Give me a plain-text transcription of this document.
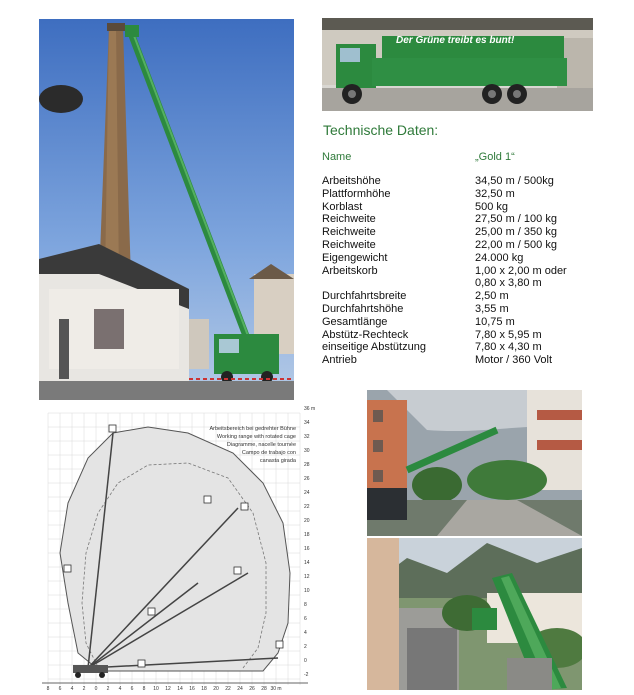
Der Grüne treibt es bunt!
Technische Daten:
Name	„Gold 1“
Arbeitshöhe	34,50 m / 500kg
Plattformhöhe	32,50 m
Korblast	500 kg
Reichweite	27,50 m / 100 kg
Reichweite	25,00 m / 350 kg
Reichweite	22,00 m / 500 kg
Eigengewicht	24.000 kg
Arbeitskorb	1,00 x 2,00 m oder
0,80 x 3,80 m
Durchfahrtsbreite	2,50 m
Durchfahrtshöhe	3,55 m
Gesamtlänge	10,75 m
Abstütz-Rechteck	7,80 x 5,95 m
einseitige Abstützung	7,80 x 4,30 m
Antrieb	Motor / 360 Volt
36 m
34
32
30
28
26
24
22
20
18
16
14
12
10
8
6
4
2
0
-2
8 6 4 2 0 2 4 6 8 10 12 14 16 18 20 22 24 26 28 30 m
Arbeitsbereich bei gedrehter Bühne
Working range with rotated cage
Diagramme, nacelle tournée
Campo de trabajo con
canasta girada
